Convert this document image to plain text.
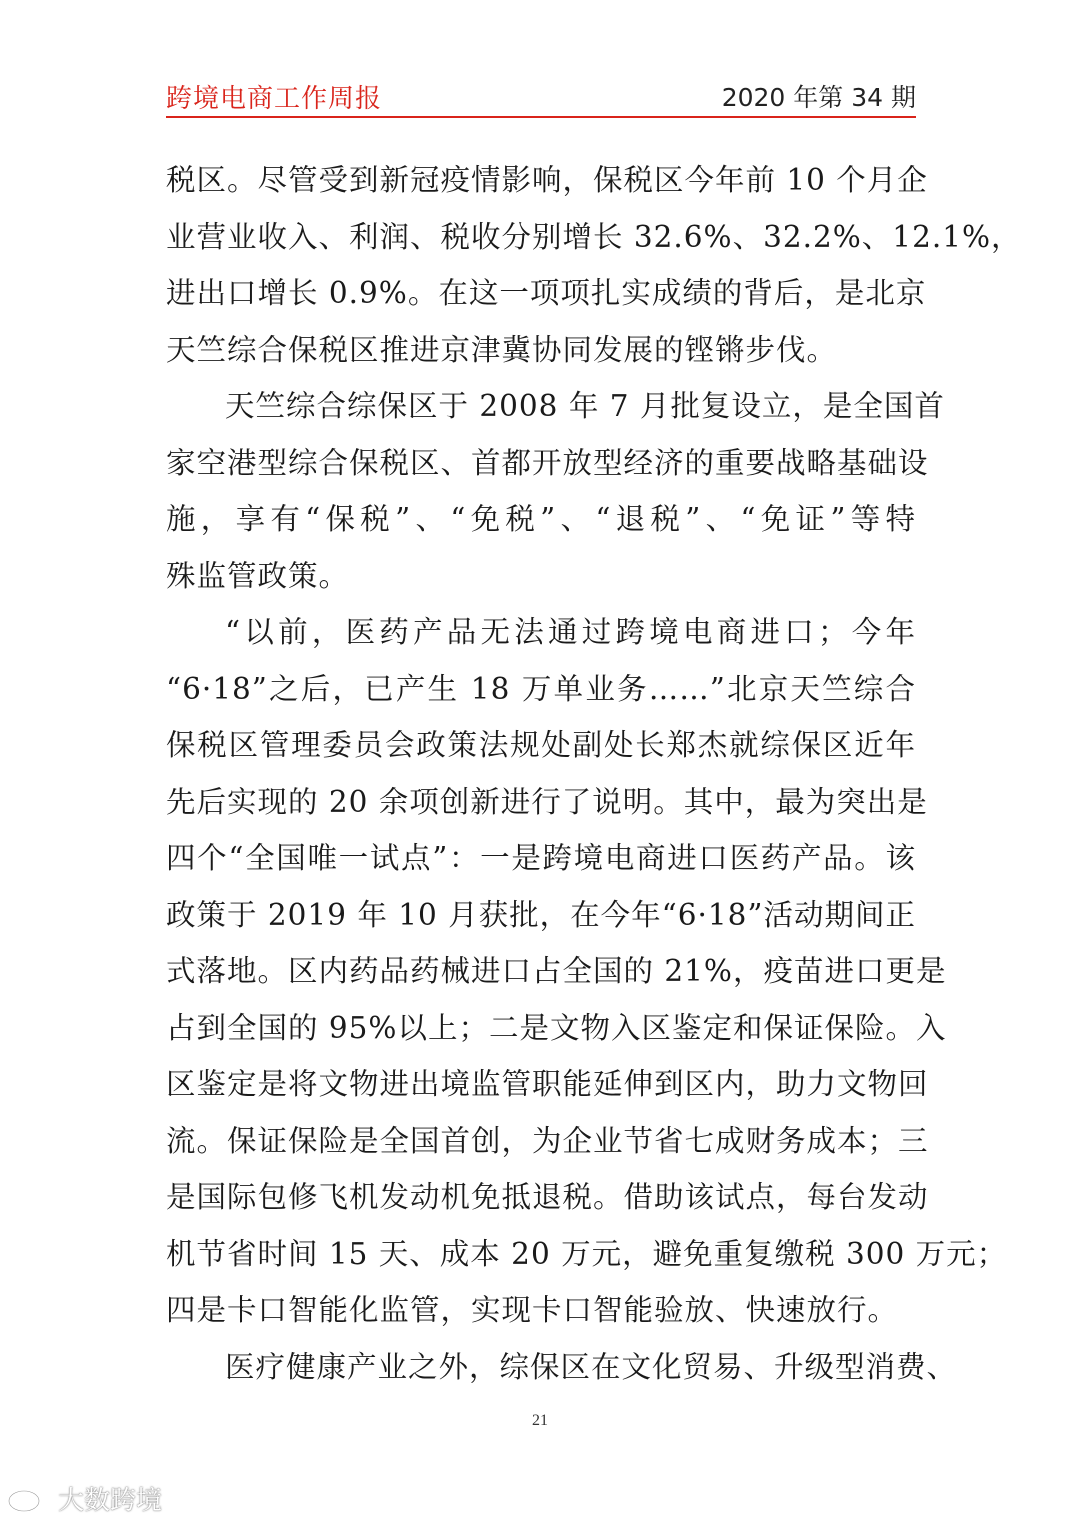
跨境电商工作周报	2020 年第 34 期

税区。尽管受到新冠疫情影响，保税区今年前 10 个月企

业营业收入、利润、税收分别增长 32.6%、32.2%、12.1%，

进出口增长 0.9%。在这一项项扎实成绩的背后，是北京

天竺综合保税区推进京津冀协同发展的铿锵步伐。

天竺综合综保区于 2008 年 7 月批复设立，是全国首

家空港型综合保税区、首都开放型经济的重要战略基础设

施，享有“保税”、“免税”、“退税”、“免证”等特

殊监管政策。

“以前，医药产品无法通过跨境电商进口；今年

“6·18”之后，已产生 18 万单业务……”北京天竺综合

保税区管理委员会政策法规处副处长郑杰就综保区近年

先后实现的 20 余项创新进行了说明。其中，最为突出是

四个“全国唯一试点”：一是跨境电商进口医药产品。该

政策于 2019 年 10 月获批，在今年“6·18”活动期间正

式落地。区内药品药械进口占全国的 21%，疫苗进口更是

占到全国的 95%以上；二是文物入区鉴定和保证保险。入

区鉴定是将文物进出境监管职能延伸到区内，助力文物回

流。保证保险是全国首创，为企业节省七成财务成本；三

是国际包修飞机发动机免抵退税。借助该试点，每台发动

机节省时间 15 天、成本 20 万元，避免重复缴税 300 万元；

四是卡口智能化监管，实现卡口智能验放、快速放行。

医疗健康产业之外，综保区在文化贸易、升级型消费、

21
大数跨境
